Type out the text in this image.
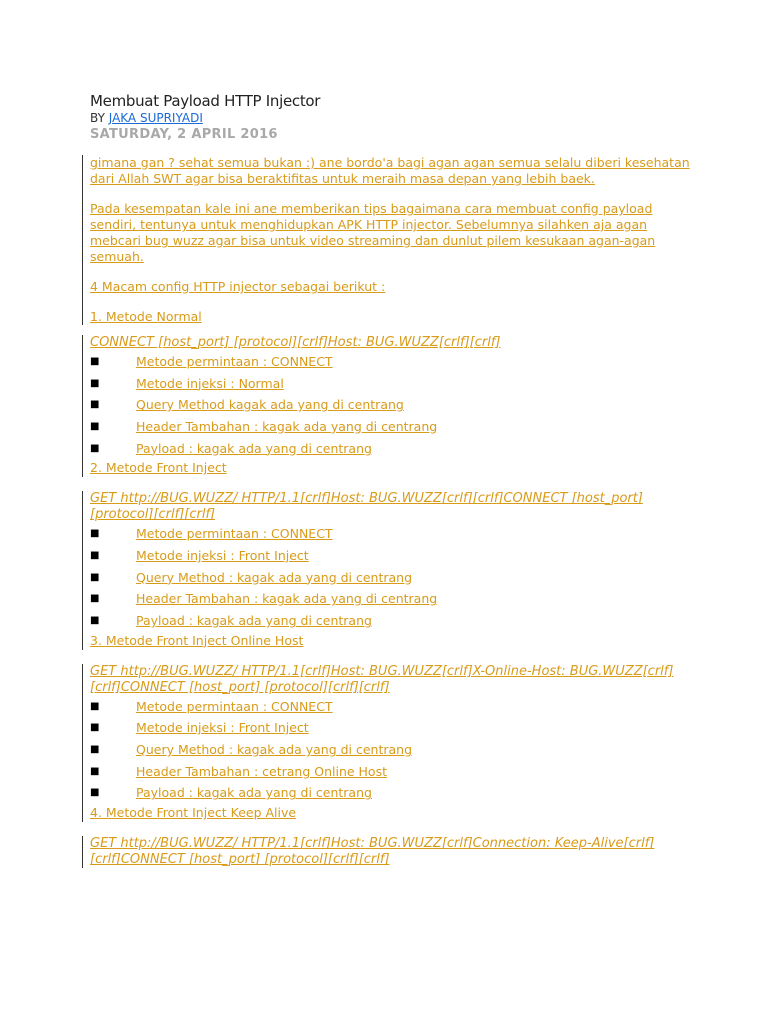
Membuat Payload HTTP Injector
BY JAKA SUPRIYADI
SATURDAY, 2 APRIL 2016

gimana gan ? sehat semua bukan :) ane bordo'a bagi agan agan semua selalu diberi kesehatan dari Allah SWT agar bisa beraktifitas untuk meraih masa depan yang lebih baek.

Pada kesempatan kale ini ane memberikan tips bagaimana cara membuat config payload sendiri, tentunya untuk menghidupkan APK HTTP injector. Sebelumnya silahken aja agan mebcari bug wuzz agar bisa untuk video streaming dan dunlut pilem kesukaan agan-agan semuah.

4 Macam config HTTP injector sebagai berikut :

1. Metode Normal

CONNECT [host_port] [protocol][crlf]Host: BUG.WUZZ[crlf][crlf]

■	Metode permintaan : CONNECT
■	Metode injeksi : Normal
■	Query Method kagak ada yang di centrang
■	Header Tambahan : kagak ada yang di centrang
■	Payload : kagak ada yang di centrang
2. Metode Front Inject

GET http://BUG.WUZZ/ HTTP/1.1[crlf]Host: BUG.WUZZ[crlf][crlf]CONNECT [host_port] [protocol][crlf][crlf]

■	Metode permintaan : CONNECT
■	Metode injeksi : Front Inject
■	Query Method : kagak ada yang di centrang
■	Header Tambahan : kagak ada yang di centrang
■	Payload : kagak ada yang di centrang
3. Metode Front Inject Online Host

GET http://BUG.WUZZ/ HTTP/1.1[crlf]Host: BUG.WUZZ[crlf]X-Online-Host: BUG.WUZZ[crlf][crlf]CONNECT [host_port] [protocol][crlf][crlf]

■	Metode permintaan : CONNECT
■	Metode injeksi : Front Inject
■	Query Method : kagak ada yang di centrang
■	Header Tambahan : cetrang Online Host
■	Payload : kagak ada yang di centrang
4. Metode Front Inject Keep Alive

GET http://BUG.WUZZ/ HTTP/1.1[crlf]Host: BUG.WUZZ[crlf]Connection: Keep-Alive[crlf][crlf]CONNECT [host_port] [protocol][crlf][crlf]
